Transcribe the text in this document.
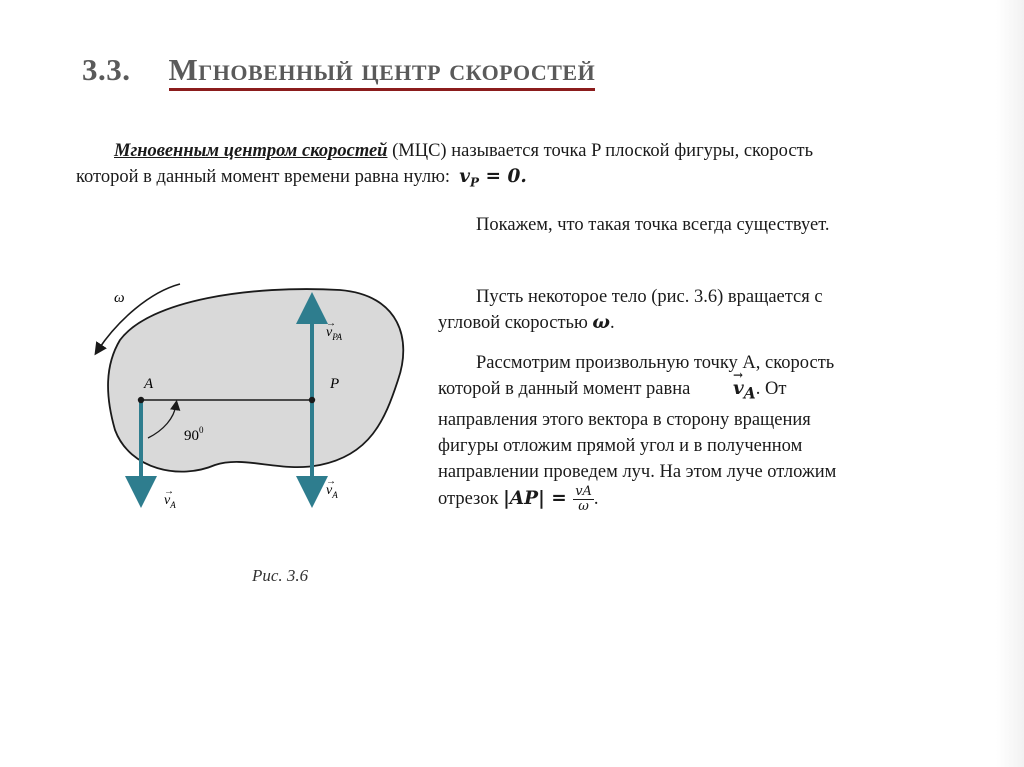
3.3. Мгновенный центр скоростей
Мгновенным центром скоростей (МЦС) называется точка P плоской фигуры, скорость которой в данный момент времени равна нулю: $v_P = 0$.
Покажем, что такая точка всегда существует.
Пусть некоторое тело (рис. 3.6) вращается с угловой скоростью ω.
Рассмотрим произвольную точку A, скорость которой в данный момент равна → $v_A$. От направления этого вектора в сторону вращения фигуры отложим прямой угол и в полученном направлении проведем луч. На этом луче отложим отрезок $|AP| = \frac{vA}{\omega}$ .
ω
$90^0$
A	P
$v_{PA}$
$v_A$
$v_A$
→
→
→
Рис. 3.6
